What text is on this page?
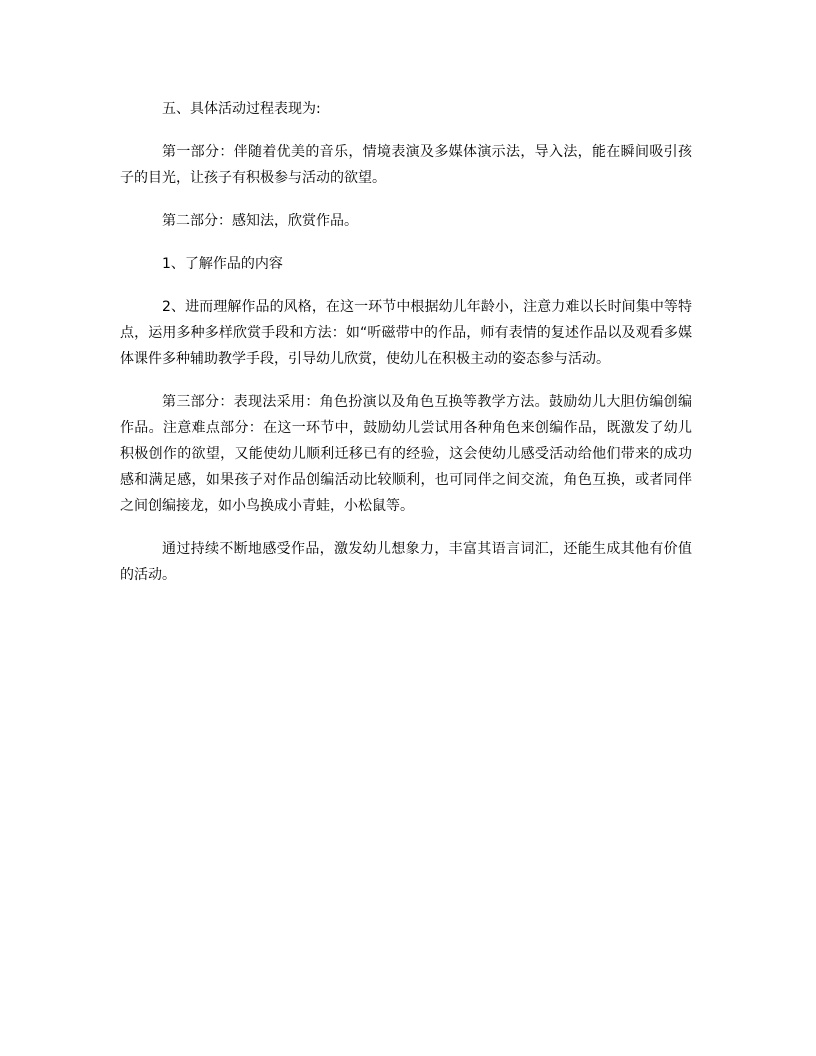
五、具体活动过程表现为:

第一部分：伴随着优美的音乐，情境表演及多媒体演示法，导入法，能在瞬间吸引孩子的目光，让孩子有积极参与活动的欲望。

第二部分：感知法，欣赏作品。

1、了解作品的内容

2、进而理解作品的风格，在这一环节中根据幼儿年龄小，注意力难以长时间集中等特点，运用多种多样欣赏手段和方法：如“听磁带中的作品，师有表情的复述作品以及观看多媒体课件多种辅助教学手段，引导幼儿欣赏，使幼儿在积极主动的姿态参与活动。

第三部分：表现法采用：角色扮演以及角色互换等教学方法。鼓励幼儿大胆仿编创编作品。注意难点部分：在这一环节中，鼓励幼儿尝试用各种角色来创编作品，既激发了幼儿积极创作的欲望，又能使幼儿顺利迁移已有的经验，这会使幼儿感受活动给他们带来的成功感和满足感，如果孩子对作品创编活动比较顺利，也可同伴之间交流，角色互换，或者同伴之间创编接龙，如小鸟换成小青蛙，小松鼠等。

通过持续不断地感受作品，激发幼儿想象力，丰富其语言词汇，还能生成其他有价值的活动。
